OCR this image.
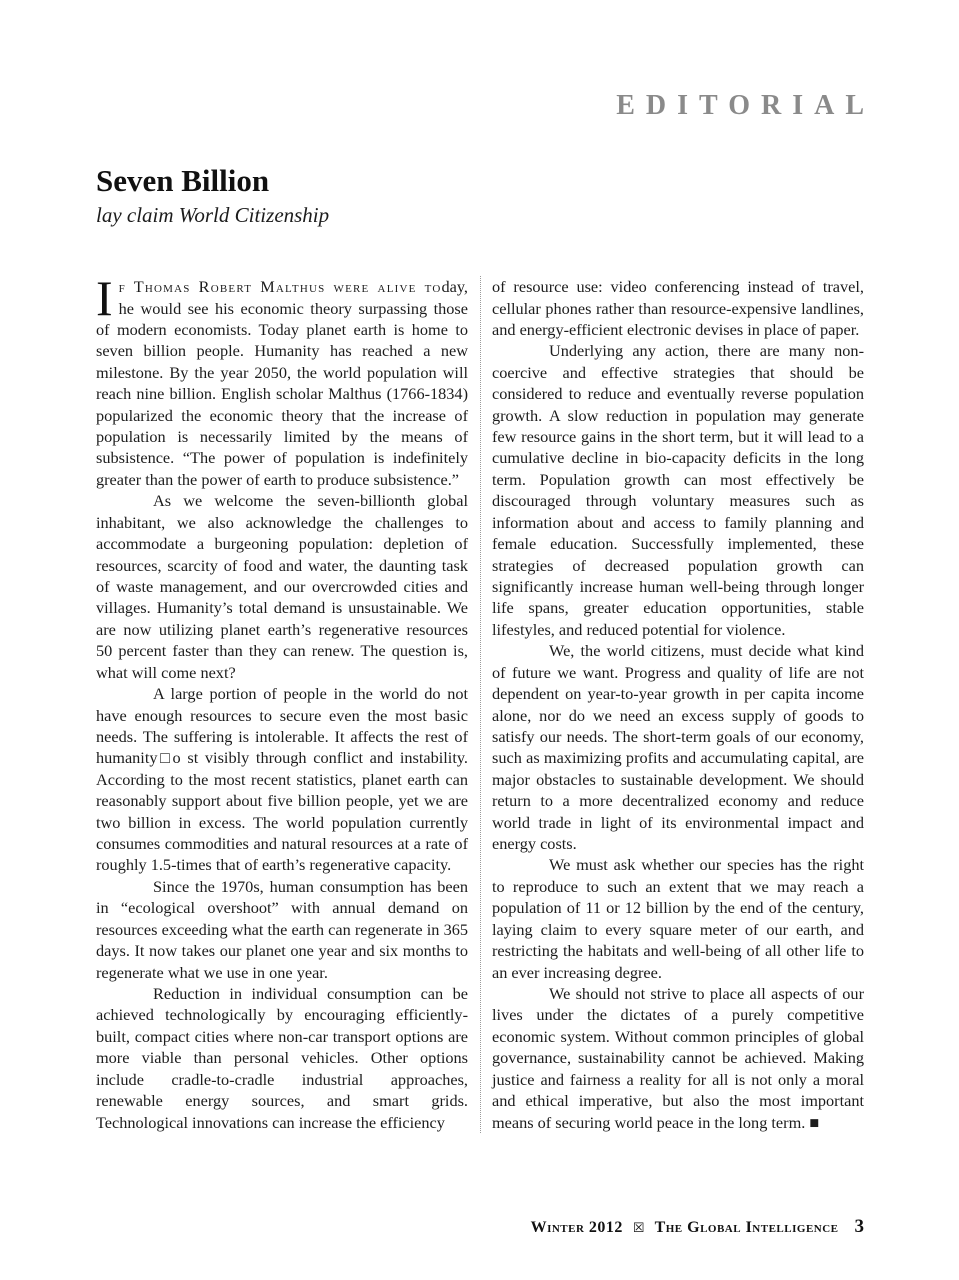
EDITORIAL
Seven Billion
lay claim World Citizenship

If Thomas Robert Malthus were alive today, he would see his economic theory surpassing those of modern economists. Today planet earth is home to seven billion people. Humanity has reached a new milestone. By the year 2050, the world population will reach nine billion. English scholar Malthus (1766-1834) popularized the economic theory that the increase of population is necessarily limited by the means of subsistence. “The power of population is indefinitely greater than the power of earth to produce subsistence.”

As we welcome the seven-billionth global inhabitant, we also acknowledge the challenges to accommodate a burgeoning population: depletion of resources, scarcity of food and water, the daunting task of waste management, and our overcrowded cities and villages. Humanity’s total demand is unsustainable. We are now utilizing planet earth’s regenerative resources 50 percent faster than they can renew. The question is, what will come next?

A large portion of people in the world do not have enough resources to secure even the most basic needs. The suffering is intolerable. It affects the rest of humanity□o st visibly through conflict and instability. According to the most recent statistics, planet earth can reasonably support about five billion people, yet we are two billion in excess. The world population currently consumes commodities and natural resources at a rate of roughly 1.5-times that of earth’s regenerative capacity.

Since the 1970s, human consumption has been in “ecological overshoot” with annual demand on resources exceeding what the earth can regenerate in 365 days. It now takes our planet one year and six months to regenerate what we use in one year.

Reduction in individual consumption can be achieved technologically by encouraging efficiently-built, compact cities where non-car transport options are more viable than personal vehicles. Other options include cradle-to-cradle industrial approaches, renewable energy sources, and smart grids. Technological innovations can increase the efficiency

of resource use: video conferencing instead of travel, cellular phones rather than resource-expensive landlines, and energy-efficient electronic devises in place of paper.

Underlying any action, there are many non-coercive and effective strategies that should be considered to reduce and eventually reverse population growth. A slow reduction in population may generate few resource gains in the short term, but it will lead to a cumulative decline in bio-capacity deficits in the long term. Population growth can most effectively be discouraged through voluntary measures such as information about and access to family planning and female education. Successfully implemented, these strategies of decreased population growth can significantly increase human well-being through longer life spans, greater education opportunities, stable lifestyles, and reduced potential for violence.

We, the world citizens, must decide what kind of future we want. Progress and quality of life are not dependent on year-to-year growth in per capita income alone, nor do we need an excess supply of goods to satisfy our needs. The short-term goals of our economy, such as maximizing profits and accumulating capital, are major obstacles to sustainable development. We should return to a more decentralized economy and reduce world trade in light of its environmental impact and energy costs.

We must ask whether our species has the right to reproduce to such an extent that we may reach a population of 11 or 12 billion by the end of the century, laying claim to every square meter of our earth, and restricting the habitats and well-being of all other life to an ever increasing degree.

We should not strive to place all aspects of our lives under the dictates of a purely competitive economic system. Without common principles of global governance, sustainability cannot be achieved. Making justice and fairness a reality for all is not only a moral and ethical imperative, but also the most important means of securing world peace in the long term. ■

Winter 2012 ☒ The Global Intelligence 3
